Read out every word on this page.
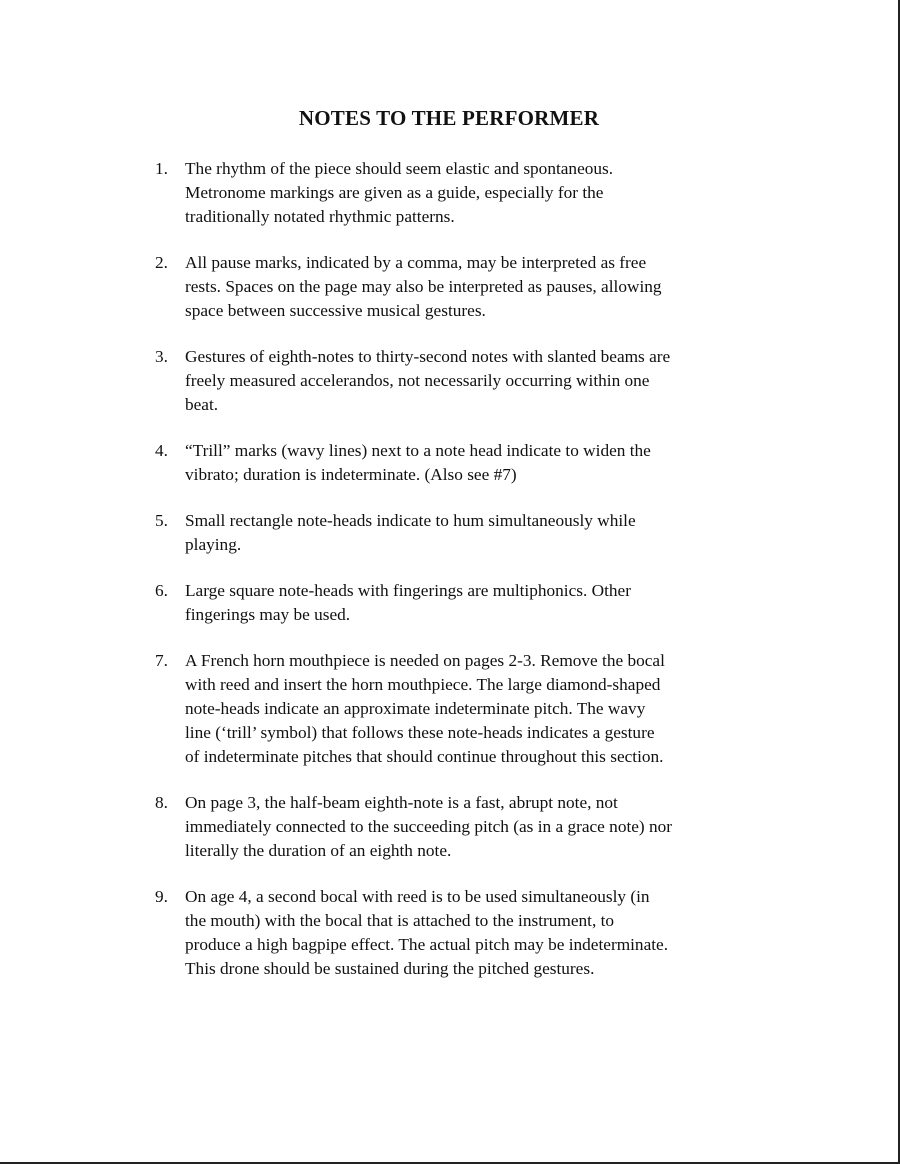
NOTES TO THE PERFORMER
1. The rhythm of the piece should seem elastic and spontaneous.
Metronome markings are given as a guide, especially for the
traditionally notated rhythmic patterns.
2. All pause marks, indicated by a comma, may be interpreted as free
rests. Spaces on the page may also be interpreted as pauses, allowing
space between successive musical gestures.
3. Gestures of eighth-notes to thirty-second notes with slanted beams are
freely measured accelerandos, not necessarily occurring within one
beat.
4. “Trill” marks (wavy lines) next to a note head indicate to widen the
vibrato; duration is indeterminate. (Also see #7)
5. Small rectangle note-heads indicate to hum simultaneously while
playing.
6. Large square note-heads with fingerings are multiphonics. Other
fingerings may be used.
7. A French horn mouthpiece is needed on pages 2-3. Remove the bocal
with reed and insert the horn mouthpiece. The large diamond-shaped
note-heads indicate an approximate indeterminate pitch. The wavy
line (‘trill’ symbol) that follows these note-heads indicates a gesture
of indeterminate pitches that should continue throughout this section.
8. On page 3, the half-beam eighth-note is a fast, abrupt note, not
immediately connected to the succeeding pitch (as in a grace note) nor
literally the duration of an eighth note.
9. On age 4, a second bocal with reed is to be used simultaneously (in
the mouth) with the bocal that is attached to the instrument, to
produce a high bagpipe effect. The actual pitch may be indeterminate.
This drone should be sustained during the pitched gestures.
